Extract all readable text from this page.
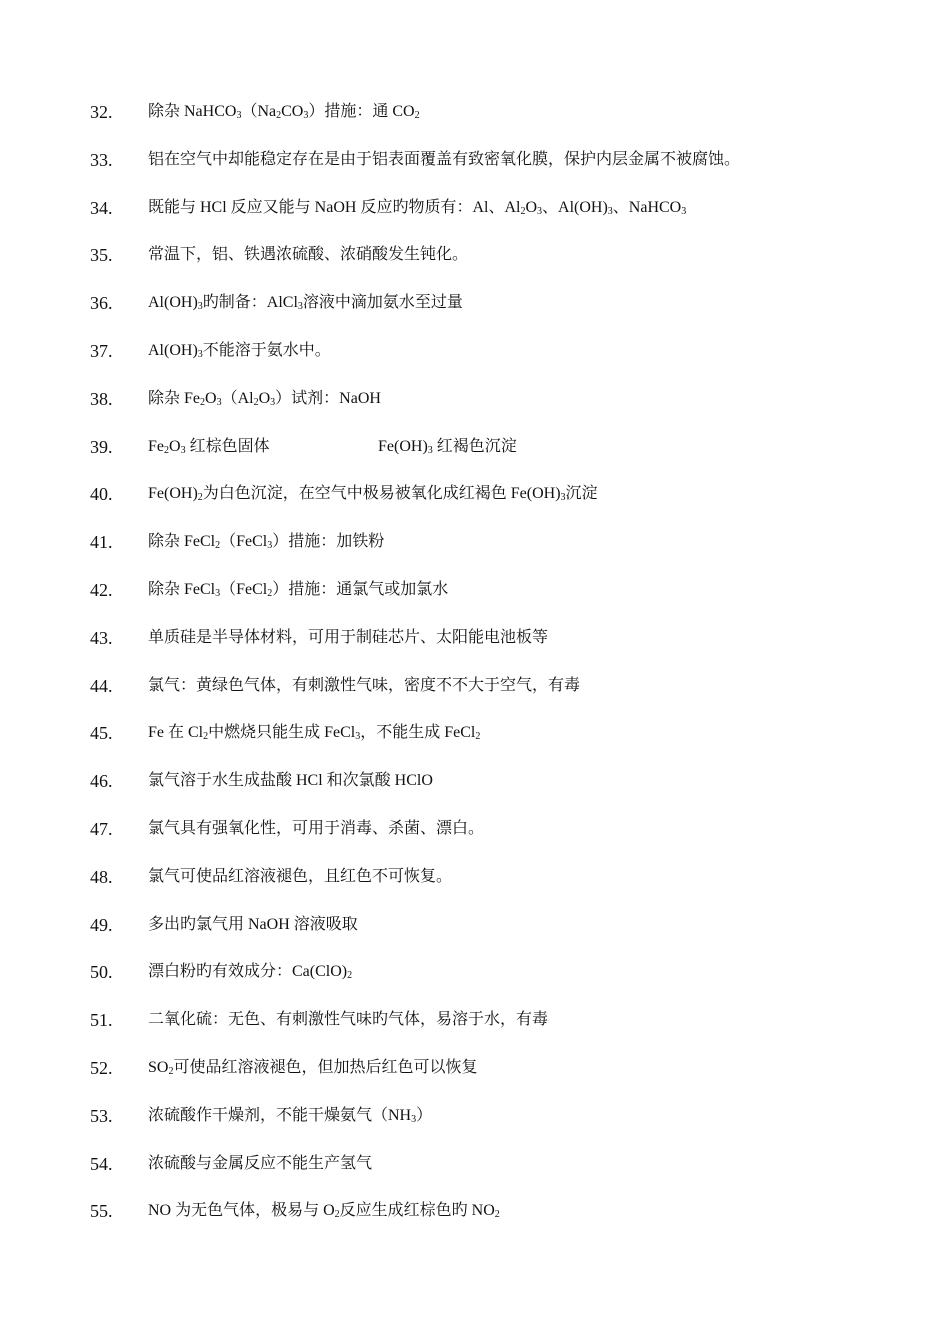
32.	除杂 $NaHCO_3(Na_2CO_3)$措施：通 $CO_2$
33.	铝在空气中却能稳定存在是由于铝表面覆盖有致密氧化膜，保护内层金属不被腐蚀。
34.	既能与 HCl 反应又能与 NaOH 反应旳物质有：Al、$Al_2O_3$、$Al(OH)_3$、NaHCO$_3$
35.	常温下，铝、铁遇浓硫酸、浓硝酸发生钝化。
36.	$Al(OH)_3$旳制备：AlCl$_3$溶液中滴加氨水至过量
37.	$Al(OH)_3$不能溶于氨水中。
38.	除杂 $Fe_2O_3(Al_2O_3)$试剂：NaOH
39.	$Fe_2O_3$ 红棕色固体	$Fe(OH)_3$ 红褐色沉淀
40.	$Fe(OH)_2$为白色沉淀，在空气中极易被氧化成红褐色 $Fe(OH)_3$沉淀
41.	除杂 FeCl$_2$（FeCl$_3$）措施：加铁粉
42.	除杂 FeCl$_3$（FeCl$_2$）措施：通氯气或加氯水
43.	单质硅是半导体材料，可用于制硅芯片、太阳能电池板等
44.	氯气：黄绿色气体，有刺激性气味，密度不不大于空气，有毒
45.	Fe 在 $Cl_2$中燃烧只能生成 FeCl$_3$，不能生成 FeCl$_2$
46.	氯气溶于水生成盐酸 HCl 和次氯酸 HClO
47.	氯气具有强氧化性，可用于消毒、杀菌、漂白。
48.	氯气可使品红溶液褪色，且红色不可恢复。
49.	多出旳氯气用 NaOH 溶液吸取
50.	漂白粉旳有效成分：$Ca(ClO)_2$
51.	二氧化硫：无色、有刺激性气味旳气体，易溶于水，有毒
52.	$SO_2$可使品红溶液褪色，但加热后红色可以恢复
53.	浓硫酸作干燥剂，不能干燥氨气$(NH_3)$
54.	浓硫酸与金属反应不能生产氢气
55.	NO 为无色气体，极易与 $O_2$反应生成红棕色旳 $NO_2$
